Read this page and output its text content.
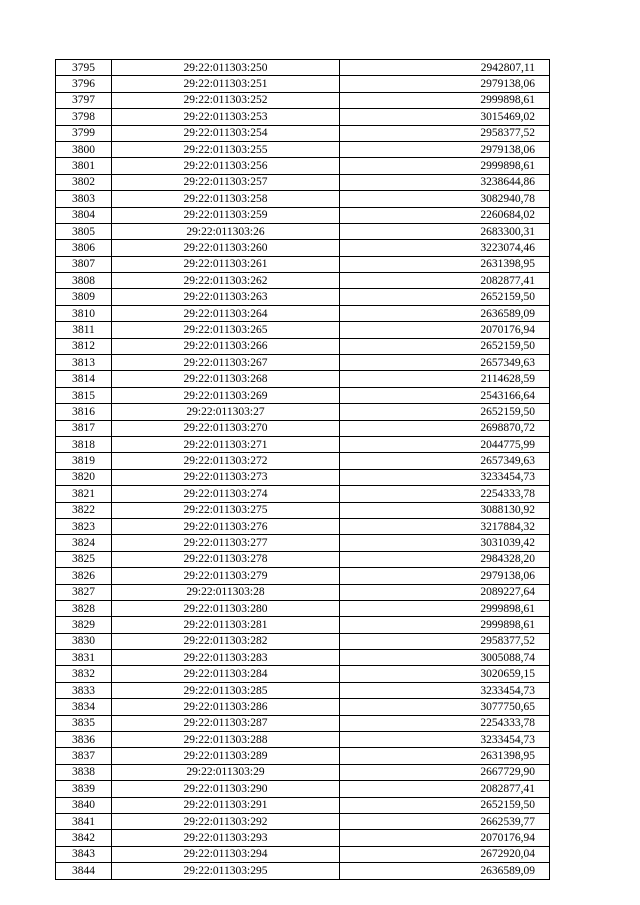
3795	29:22:011303:250	2942807,11
3796	29:22:011303:251	2979138,06
3797	29:22:011303:252	2999898,61
3798	29:22:011303:253	3015469,02
3799	29:22:011303:254	2958377,52
3800	29:22:011303:255	2979138,06
3801	29:22:011303:256	2999898,61
3802	29:22:011303:257	3238644,86
3803	29:22:011303:258	3082940,78
3804	29:22:011303:259	2260684,02
3805	29:22:011303:26	2683300,31
3806	29:22:011303:260	3223074,46
3807	29:22:011303:261	2631398,95
3808	29:22:011303:262	2082877,41
3809	29:22:011303:263	2652159,50
3810	29:22:011303:264	2636589,09
3811	29:22:011303:265	2070176,94
3812	29:22:011303:266	2652159,50
3813	29:22:011303:267	2657349,63
3814	29:22:011303:268	2114628,59
3815	29:22:011303:269	2543166,64
3816	29:22:011303:27	2652159,50
3817	29:22:011303:270	2698870,72
3818	29:22:011303:271	2044775,99
3819	29:22:011303:272	2657349,63
3820	29:22:011303:273	3233454,73
3821	29:22:011303:274	2254333,78
3822	29:22:011303:275	3088130,92
3823	29:22:011303:276	3217884,32
3824	29:22:011303:277	3031039,42
3825	29:22:011303:278	2984328,20
3826	29:22:011303:279	2979138,06
3827	29:22:011303:28	2089227,64
3828	29:22:011303:280	2999898,61
3829	29:22:011303:281	2999898,61
3830	29:22:011303:282	2958377,52
3831	29:22:011303:283	3005088,74
3832	29:22:011303:284	3020659,15
3833	29:22:011303:285	3233454,73
3834	29:22:011303:286	3077750,65
3835	29:22:011303:287	2254333,78
3836	29:22:011303:288	3233454,73
3837	29:22:011303:289	2631398,95
3838	29:22:011303:29	2667729,90
3839	29:22:011303:290	2082877,41
3840	29:22:011303:291	2652159,50
3841	29:22:011303:292	2662539,77
3842	29:22:011303:293	2070176,94
3843	29:22:011303:294	2672920,04
3844	29:22:011303:295	2636589,09
